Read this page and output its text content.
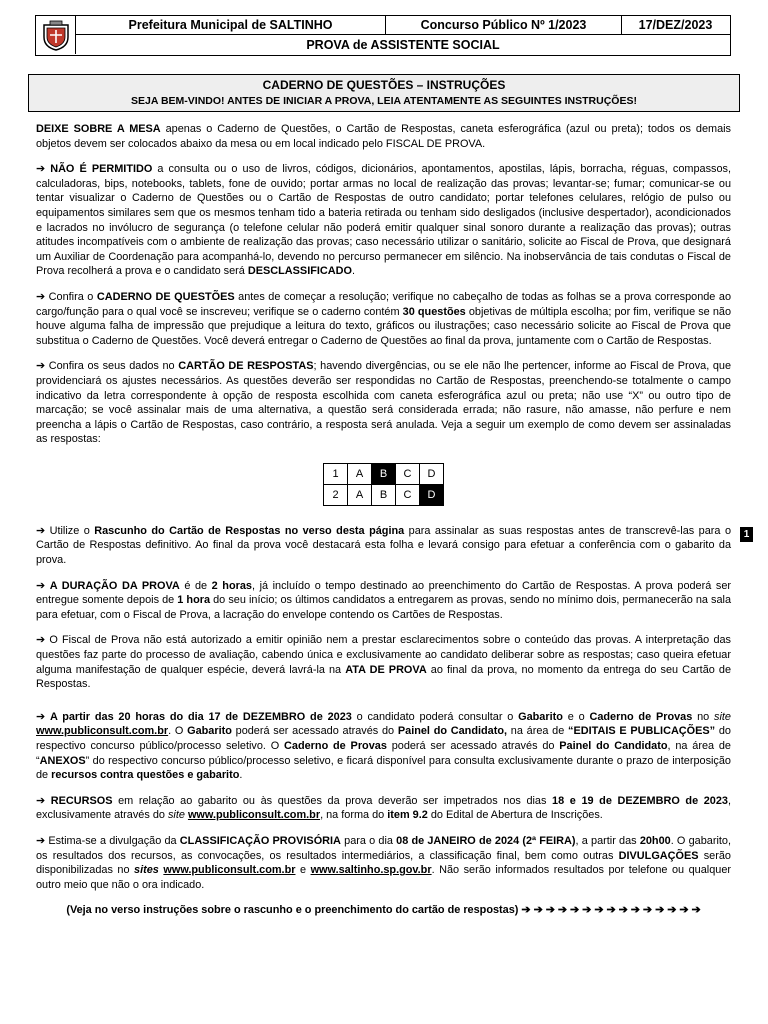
Prefeitura Municipal de SALTINHO	Concurso Público Nº 1/2023	17/DEZ/2023
PROVA de ASSISTENTE SOCIAL
CADERNO DE QUESTÕES – INSTRUÇÕES
SEJA BEM-VINDO! ANTES DE INICIAR A PROVA, LEIA ATENTAMENTE AS SEGUINTES INSTRUÇÕES!

DEIXE SOBRE A MESA apenas o Caderno de Questões, o Cartão de Respostas, caneta esferográfica (azul ou preta); todos os demais objetos devem ser colocados abaixo da mesa ou em local indicado pelo FISCAL DE PROVA.

➔ NÃO É PERMITIDO a consulta ou o uso de livros, códigos, dicionários, apontamentos, apostilas, lápis, borracha, réguas, compassos, calculadoras, bips, notebooks, tablets, fone de ouvido; portar armas no local de realização das provas; levantar-se; fumar; comunicar-se ou tentar visualizar o Caderno de Questões ou o Cartão de Respostas de outro candidato; portar telefones celulares, relógio de pulso ou equipamentos similares sem que os mesmos tenham tido a bateria retirada ou tenham sido desligados (inclusive despertador), acondicionados e lacrados no invólucro de segurança (o telefone celular não poderá emitir qualquer sinal sonoro durante a realização das provas); outras atitudes incompatíveis com o ambiente de realização das provas; caso necessário utilizar o sanitário, solicite ao Fiscal de Prova, que designará um Auxiliar de Coordenação para acompanhá-lo, devendo no percurso permanecer em silêncio. Na inobservância de tais condutas o Fiscal de Prova recolherá a prova e o candidato será DESCLASSIFICADO.

➔ Confira o CADERNO DE QUESTÕES antes de começar a resolução; verifique no cabeçalho de todas as folhas se a prova corresponde ao cargo/função para o qual você se inscreveu; verifique se o caderno contém 30 questões objetivas de múltipla escolha; por fim, verifique se não houve alguma falha de impressão que prejudique a leitura do texto, gráficos ou ilustrações; caso necessário solicite ao Fiscal de Prova que substitua o Caderno de Questões. Você deverá entregar o Caderno de Questões ao final da prova, juntamente com o Cartão de Respostas.

➔ Confira os seus dados no CARTÃO DE RESPOSTAS; havendo divergências, ou se ele não lhe pertencer, informe ao Fiscal de Prova, que providenciará os ajustes necessários. As questões deverão ser respondidas no Cartão de Respostas, preenchendo-se totalmente o campo indicativo da letra correspondente à opção de resposta escolhida com caneta esferográfica azul ou preta; não use “X” ou outro tipo de marcação; se você assinalar mais de uma alternativa, a questão será considerada errada; não rasure, não amasse, não perfure e nem preencha a lápis o Cartão de Respostas, caso contrário, a resposta será anulada. Veja a seguir um exemplo de como devem ser assinaladas as respostas:

1	A	B	C	D
2	A	B	C	D

➔ Utilize o Rascunho do Cartão de Respostas no verso desta página para assinalar as suas respostas antes de transcrevê-las para o Cartão de Respostas definitivo. Ao final da prova você destacará esta folha e levará consigo para efetuar a conferência com o gabarito da prova.

➔ A DURAÇÃO DA PROVA é de 2 horas, já incluído o tempo destinado ao preenchimento do Cartão de Respostas. A prova poderá ser entregue somente depois de 1 hora do seu início; os últimos candidatos a entregarem as provas, sendo no mínimo dois, permanecerão na sala para efetuar, com o Fiscal de Prova, a lacração do envelope contendo os Cartões de Respostas.

➔ O Fiscal de Prova não está autorizado a emitir opinião nem a prestar esclarecimentos sobre o conteúdo das provas. A interpretação das questões faz parte do processo de avaliação, cabendo única e exclusivamente ao candidato deliberar sobre as respostas; caso queira efetuar alguma manifestação de qualquer espécie, deverá lavrá-la na ATA DE PROVA ao final da prova, no momento da entrega do seu Cartão de Respostas.

➔ A partir das 20 horas do dia 17 de DEZEMBRO de 2023 o candidato poderá consultar o Gabarito e o Caderno de Provas no site www.publiconsult.com.br. O Gabarito poderá ser acessado através do Painel do Candidato, na área de “EDITAIS E PUBLICAÇÕES” do respectivo concurso público/processo seletivo. O Caderno de Provas poderá ser acessado através do Painel do Candidato, na área de “ANEXOS” do respectivo concurso público/processo seletivo, e ficará disponível para consulta exclusivamente durante o prazo de interposição de recursos contra questões e gabarito.

➔ RECURSOS em relação ao gabarito ou às questões da prova deverão ser impetrados nos dias 18 e 19 de DEZEMBRO de 2023, exclusivamente através do site www.publiconsult.com.br, na forma do item 9.2 do Edital de Abertura de Inscrições.

➔ Estima-se a divulgação da CLASSIFICAÇÃO PROVISÓRIA para o dia 08 de JANEIRO de 2024 (2ª FEIRA), a partir das 20h00. O gabarito, os resultados dos recursos, as convocações, os resultados intermediários, a classificação final, bem como outras DIVULGAÇÕES serão disponibilizadas no sites www.publiconsult.com.br e www.saltinho.sp.gov.br. Não serão informados resultados por telefone ou qualquer outro meio que não o ora indicado.

(Veja no verso instruções sobre o rascunho e o preenchimento do cartão de respostas) ➔ ➔ ➔ ➔ ➔ ➔ ➔ ➔ ➔ ➔ ➔ ➔ ➔ ➔ ➔
1
